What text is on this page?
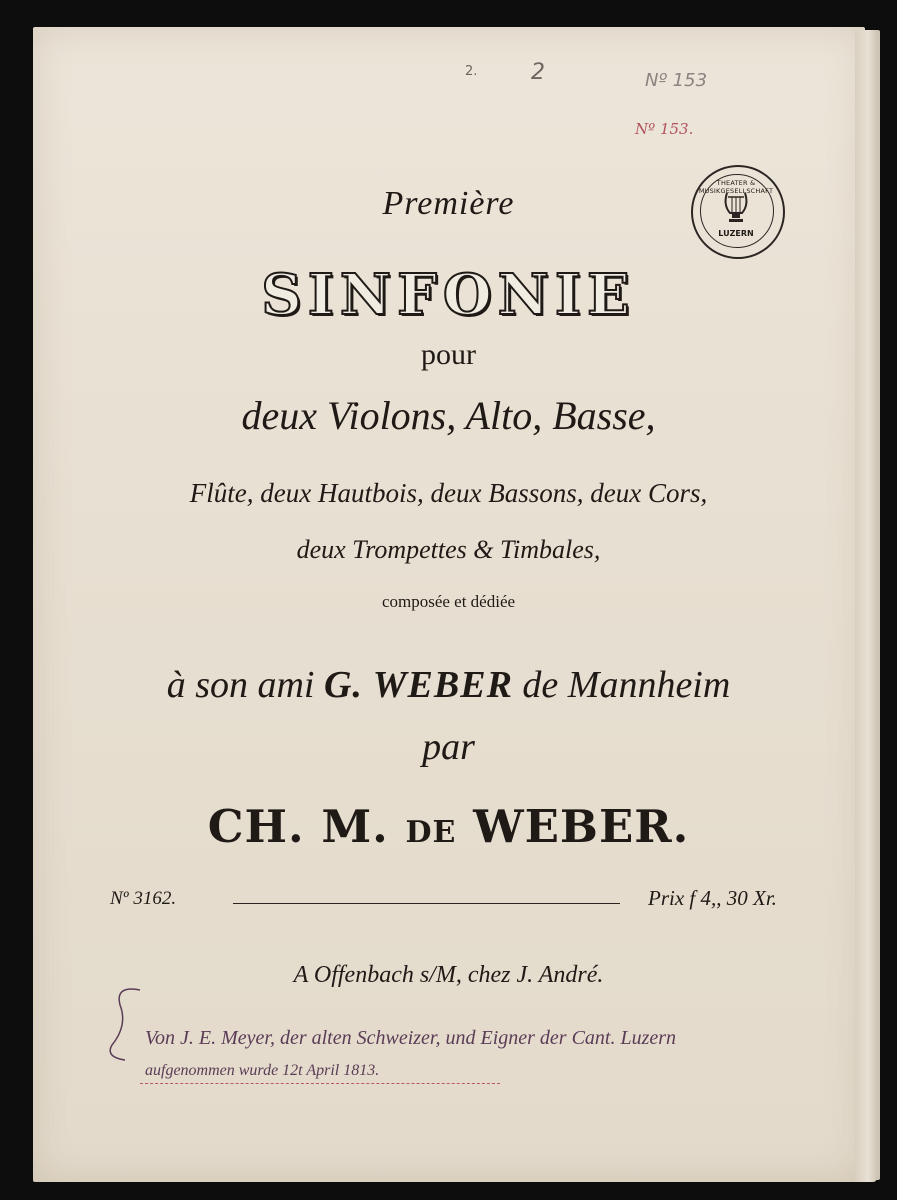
2. 2	Nº 153
Nº 153.
THEATER & MUSIKGESELLSCHAFT
LUZERN
Première
SINFONIE
pour
deux Violons, Alto, Basse,
Flûte, deux Hautbois, deux Bassons, deux Cors,
deux Trompettes & Timbales,
composée et dédiée
à son ami G. WEBER de Mannheim
par
CH. M. DE WEBER.
Nº 3162.	Prix f 4,, 30 Xr.
A Offenbach s/M, chez J. André.
Von J. E. Meyer, der alten Schweizer, und Eigner der Cant. Luzern
aufgenommen wurde 12t April 1813.
